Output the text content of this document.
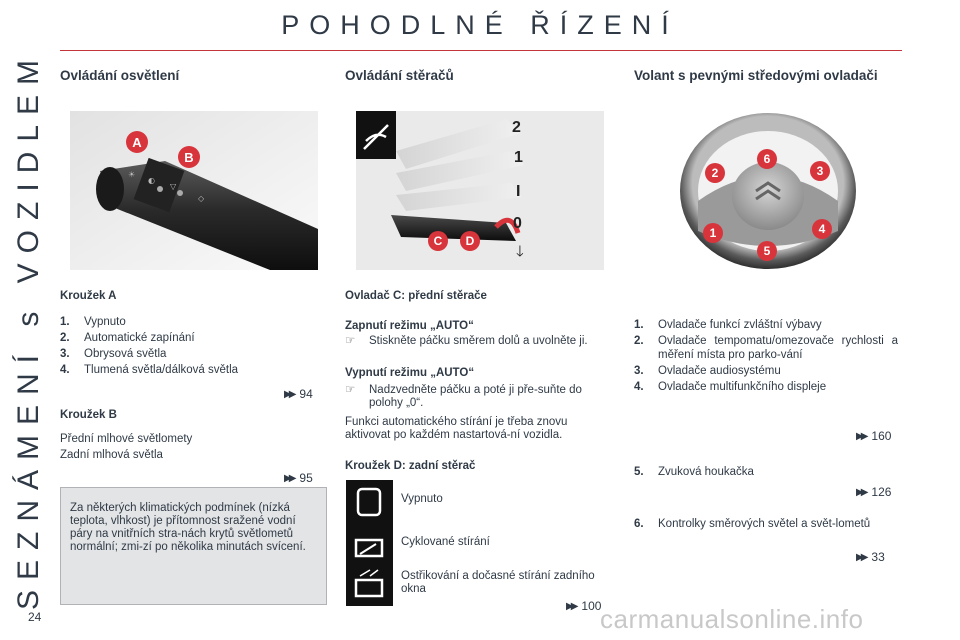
SEZNÁMENÍ s VOZIDLEM
POHODLNÉ ŘÍZENÍ
Ovládání osvětlení
☀
◐
▽
◇
A
B
Kroužek A
1.	Vypnuto
2.	Automatické zapínání
3.	Obrysová světla
4.	Tlumená světla/dálková světla
▶▶ 94
Kroužek B
Přední mlhové světlomety
Zadní mlhová světla
▶▶ 95
Za některých klimatických podmínek (nízká teplota, vlhkost) je přítomnost sražené vodní páry na vnitřních stra-nách krytů světlometů normální; zmi-zí po několika minutách svícení.
Ovládání stěračů
2
1
I
0
🡓
C	D
Ovladač C: přední stěrače
Zapnutí režimu „AUTO“
☞	Stiskněte páčku směrem dolů a uvolněte ji.
Vypnutí režimu „AUTO“
☞	Nadzvedněte páčku a poté ji pře-suňte do polohy „0“.
Funkci automatického stírání je třeba znovu aktivovat po každém nastartová-ní vozidla.
Kroužek D: zadní stěrač
Vypnuto
Cyklované stírání
Ostřikování a dočasné stírání zadního okna
▶▶ 100
Volant s pevnými středovými ovladači
2
6
3
1	4
5
1.	Ovladače funkcí zvláštní výbavy
2.	Ovladače tempomatu/omezovače rychlosti a měření místa pro parko-vání
3.	Ovladače audiosystému
4.	Ovladače multifunkčního displeje
▶▶ 160
5.	Zvuková houkačka
▶▶ 126
6.	Kontrolky směrových světel a svět-lometů
▶▶ 33
24	carmanualsonline.info
